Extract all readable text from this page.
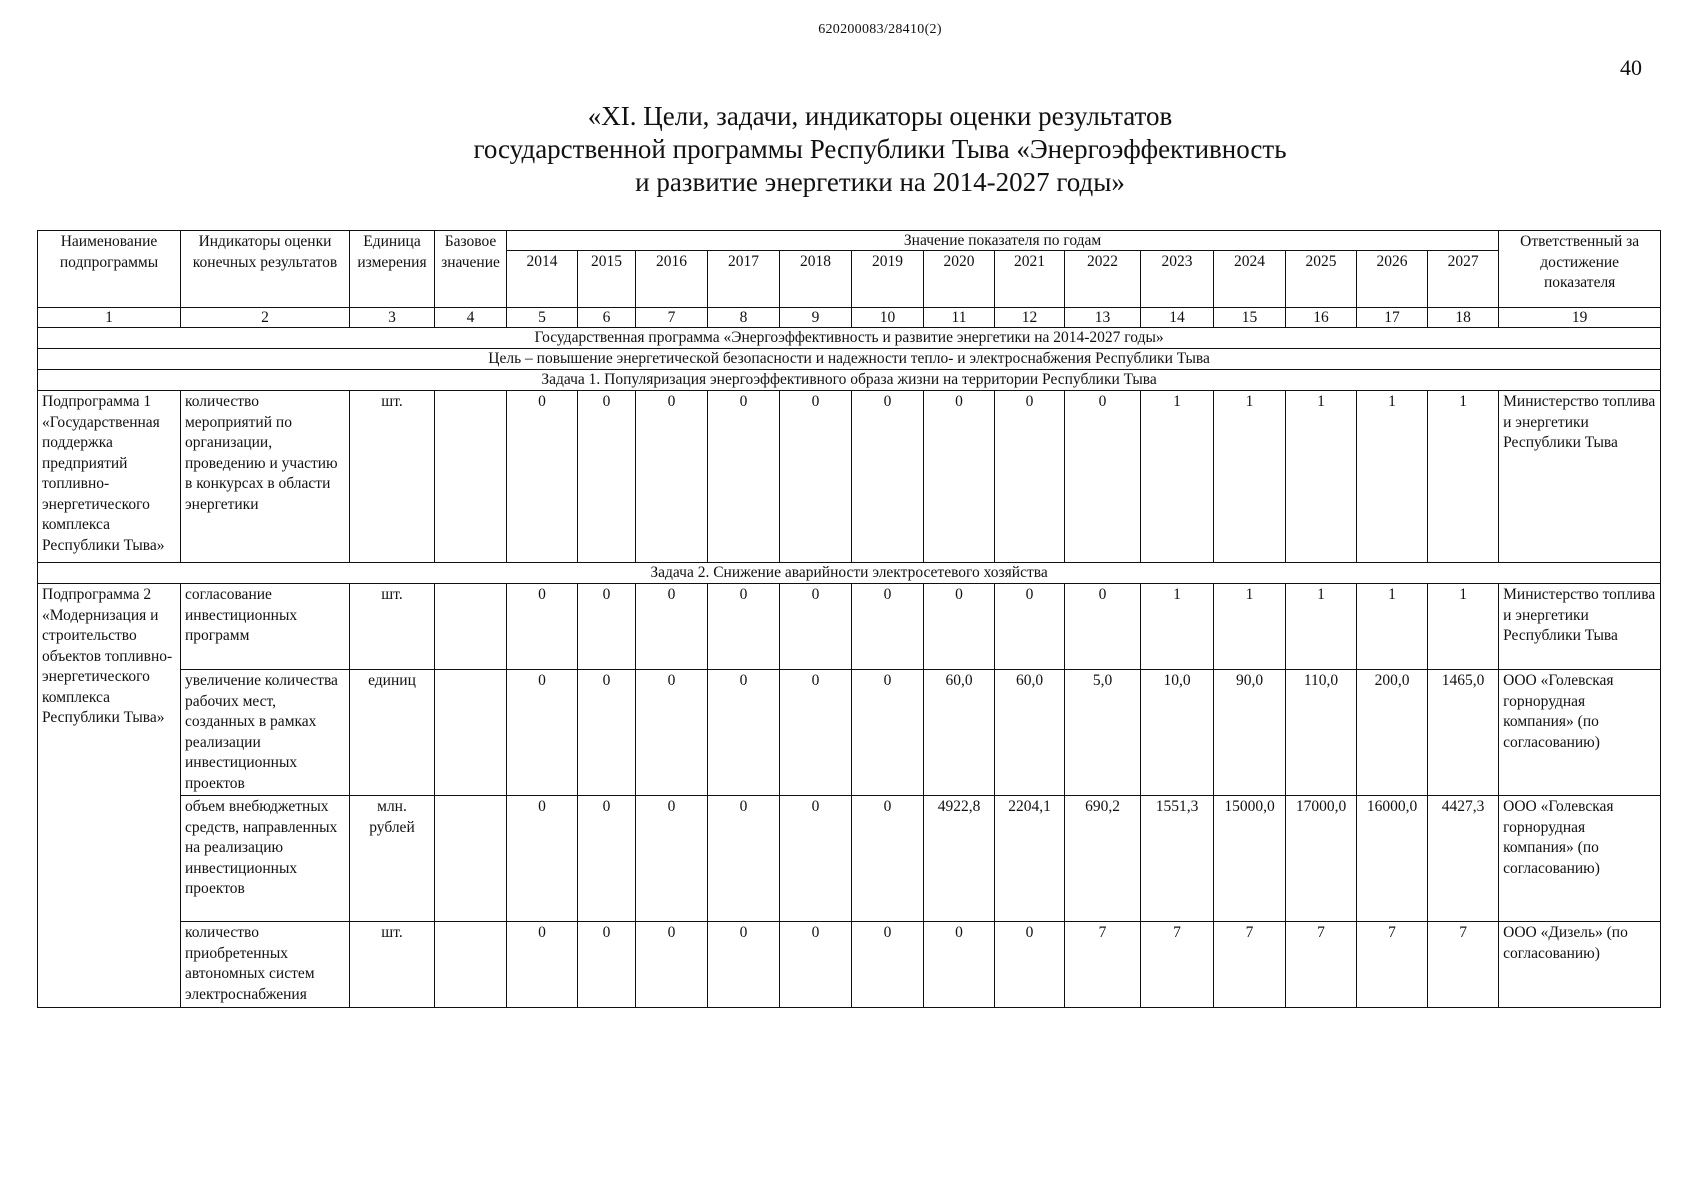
620200083/28410(2)
40
«XI. Цели, задачи, индикаторы оценки результатов
государственной программы Республики Тыва «Энергоэффективность
и развитие энергетики на 2014-2027 годы»
Наименование подпрограммы	Индикаторы оценки конечных результатов	Единица измерения	Базовое значение	Значение показателя по годам														Ответственный за достижение показателя
				2014	2015	2016	2017	2018	2019	2020	2021	2022	2023	2024	2025	2026	2027	
1	2	3	4	5	6	7	8	9	10	11	12	13	14	15	16	17	18	19
Государственная программа «Энергоэффективность и развитие энергетики на 2014-2027 годы»																		
Цель – повышение энергетической безопасности и надежности тепло- и электроснабжения Республики Тыва																		
Задача 1. Популяризация энергоэффективного образа жизни на территории Республики Тыва																		
Подпрограмма 1 «Государственная поддержка предприятий топливно- энергетического комплекса Республики Тыва»	количество мероприятий по организации, проведению и участию в конкурсах в области энергетики	шт.		0	0	0	0	0	0	0	0	0	1	1	1	1	1	Министерство топлива и энергетики Республики Тыва
Задача 2. Снижение аварийности электросетевого хозяйства																		
Подпрограмма 2 «Модернизация и строительство объектов топливно-энергетического комплекса Республики Тыва»	согласование инвестиционных программ	шт.		0	0	0	0	0	0	0	0	0	1	1	1	1	1	Министерство топлива и энергетики Республики Тыва
	увеличение количества рабочих мест, созданных в рамках реализации инвестиционных проектов	единиц		0	0	0	0	0	0	60,0	60,0	5,0	10,0	90,0	110,0	200,0	1465,0	ООО «Голевская горнорудная компания» (по согласованию)
	объем внебюджетных средств, направленных на реализацию инвестиционных проектов	млн. рублей		0	0	0	0	0	0	4922,8	2204,1	690,2	1551,3	15000,0	17000,0	16000,0	4427,3	ООО «Голевская горнорудная компания» (по согласованию)
	количество приобретенных автономных систем электроснабжения	шт.		0	0	0	0	0	0	0	0	7	7	7	7	7	7	ООО «Дизель» (по согласованию)
